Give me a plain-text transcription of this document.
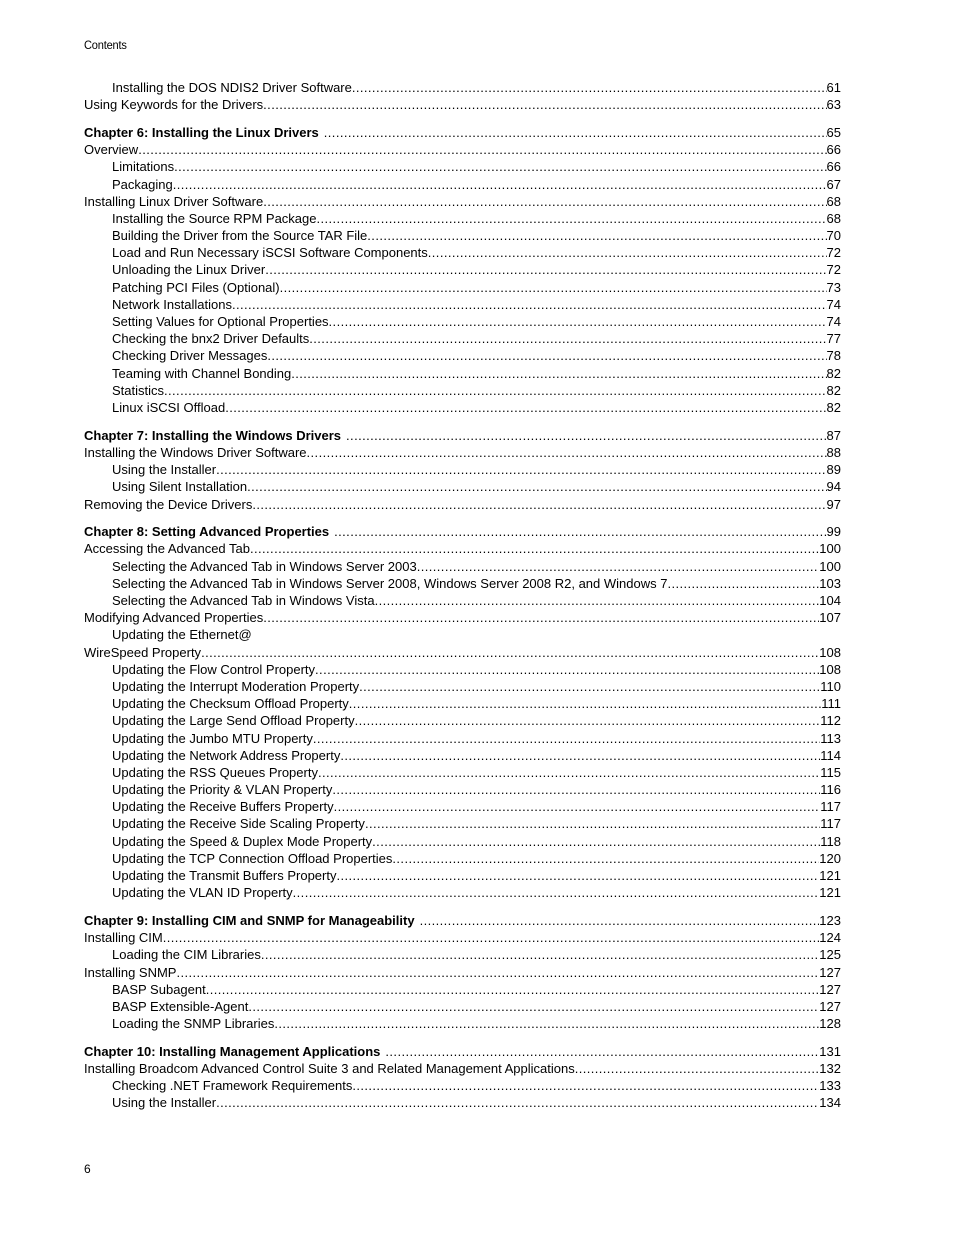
Contents
Installing the DOS NDIS2 Driver Software .....	61
Using Keywords for the Drivers .....	63
Chapter 6: Installing the Linux Drivers .....	65
Overview .....	66
Limitations .....	66
Packaging .....	67
Installing Linux Driver Software .....	68
Installing the Source RPM Package .....	68
Building the Driver from the Source TAR File .....	70
Load and Run Necessary iSCSI Software Components .....	72
Unloading the Linux Driver .....	72
Patching PCI Files (Optional) .....	73
Network Installations .....	74
Setting Values for Optional Properties .....	74
Checking the bnx2 Driver Defaults .....	77
Checking Driver Messages .....	78
Teaming with Channel Bonding .....	82
Statistics .....	82
Linux iSCSI Offload .....	82
Chapter 7: Installing the Windows Drivers .....	87
Installing the Windows Driver Software .....	88
Using the Installer .....	89
Using Silent Installation .....	94
Removing the Device Drivers .....	97
Chapter 8: Setting Advanced Properties .....	99
Accessing the Advanced Tab .....	100
Selecting the Advanced Tab in Windows Server 2003 .....	100
Selecting the Advanced Tab in Windows Server 2008, Windows Server 2008 R2, and Windows 7 .....	103
Selecting the Advanced Tab in Windows Vista .....	104
Modifying Advanced Properties .....	107
Updating the Ethernet@
WireSpeed Property .....	108
Updating the Flow Control Property .....	108
Updating the Interrupt Moderation Property .....	110
Updating the Checksum Offload Property .....	111
Updating the Large Send Offload Property .....	112
Updating the Jumbo MTU Property .....	113
Updating the Network Address Property .....	114
Updating the RSS Queues Property .....	115
Updating the Priority & VLAN Property .....	116
Updating the Receive Buffers Property .....	117
Updating the Receive Side Scaling Property .....	117
Updating the Speed & Duplex Mode Property .....	118
Updating the TCP Connection Offload Properties .....	120
Updating the Transmit Buffers Property .....	121
Updating the VLAN ID Property .....	121
Chapter 9: Installing CIM and SNMP for Manageability .....	123
Installing CIM .....	124
Loading the CIM Libraries .....	125
Installing SNMP .....	127
BASP Subagent .....	127
BASP Extensible-Agent .....	127
Loading the SNMP Libraries .....	128
Chapter 10: Installing Management Applications .....	131
Installing Broadcom Advanced Control Suite 3 and Related Management Applications .....	132
Checking .NET Framework Requirements .....	133
Using the Installer .....	134
6
